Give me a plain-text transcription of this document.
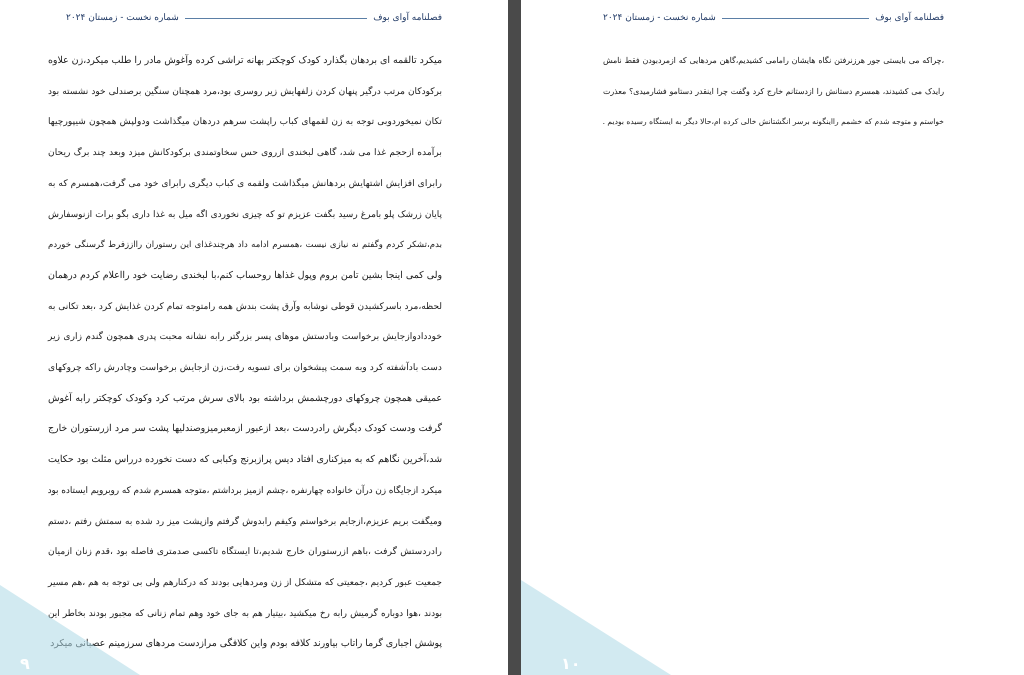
فصلنامه آوای بوف
شماره نخست - زمستان ۲۰۲۴
میکرد تالقمه ای بردهان بگذارد کودک کوچکتر بهانه تراشی کرده وآغوش مادر را طلب میکرد،زن علاوه
برکودکان مرتب درگیر پنهان کردن زلفهایش زیر روسری بود،مرد همچنان سنگین برصندلی خود نشسته بود
تکان نمیخوردوبی توجه به زن لقمهای کباب راپشت سرهم دردهان میگذاشت ودولپش همچون شیپورچیها
برآمده ازحجم غذا می شد، گاهی لبخندی ازروی حس سخاوتمندی برکودکانش میزد وبعد چند برگ ریحان
رابرای افزایش اشتهایش بردهانش میگذاشت ولقمه ی کباب دیگری رابرای خود می گرفت،همسرم که به
پایان زرشک پلو بامرغ رسید بگفت عزیزم تو که چیزی نخوردی اگه میل به غذا داری بگو برات ازنوسفارش
بدم،تشکر کردم وگفتم نه نیازی نیست ،همسرم ادامه داد هرچندغذای این رستوران رااززفرط گرسنگی خوردم
ولی کمی اینجا بشین تامن بروم وپول غذاها روحساب کنم،با لبخندی رضایت خود رااعلام کردم درهمان
لحظه،مرد باسرکشیدن قوطی نوشابه وآرق پشت بندش همه رامتوجه تمام کردن غذایش کرد ،بعد تکانی به
خوددادوازجایش برخواست وبادستش موهای پسر بزرگتر رابه نشانه محبت پدری همچون گندم زاری زیر
دست بادآشفته کرد وبه سمت پیشخوان برای تسویه رفت،زن ازجایش برخواست وچادرش راکه چروکهای
عمیقی همچون چروکهای دورچشمش برداشته بود بالای سرش مرتب کرد وکودک کوچکتر رابه آغوش
گرفت ودست کودک دیگرش رادردست ،بعد ازعبور ازمعبرمیزوصندلیها پشت سر مرد ازرستوران خارج
شد،آخرین نگاهم که به میزکناری افتاد دیس پرازبرنج وکبابی که دست نخورده درراس مثلث بود حکایت
میکرد ازجایگاه زن درآن خانواده چهارنفره ،چشم ازمیز برداشتم ،متوجه همسرم شدم که روبرویم ایستاده بود
ومیگفت بریم عزیزم،ازجایم برخواستم وکیفم رابدوش گرفتم وازپشت میز رد شده به سمتش رفتم ،دستم
رادردستش گرفت ،باهم ازرستوران خارج شدیم،تا ایستگاه تاکسی صدمتری فاصله بود ،قدم زنان ازمیان
جمعیت عبور کردیم ،جمعیتی که متشکل از زن ومردهایی بودند که درکنارهم ولی بی توجه به هم ،هم مسیر
بودند ،هوا دوباره گرمیش رابه رخ میکشید ،بیتیار هم به جای خود وهم تمام زنانی که مجبور بودند بخاطر این
پوشش اجباری گرما راتاب بیاورند کلافه بودم واین کلافگی مرازدست مردهای سرزمینم عصبانی میکرد
۹
فصلنامه آوای بوف
شماره نخست - زمستان ۲۰۲۴
،چراکه می بایستی جور هرزنرفتن نگاه هایشان رامامی کشیدیم،گاهن مردهایی که ازمردبودن فقط نامش
رایدک می کشیدند، همسرم دستانش را ازدستانم خارج کرد وگفت چرا اینقدر دستامو فشارمیدی؟ معذرت
خواستم و متوجه شدم که خشمم رااینگونه برسر انگشتانش خالی کرده ام،حالا دیگر به ایستگاه رسیده بودیم .
۱۰
